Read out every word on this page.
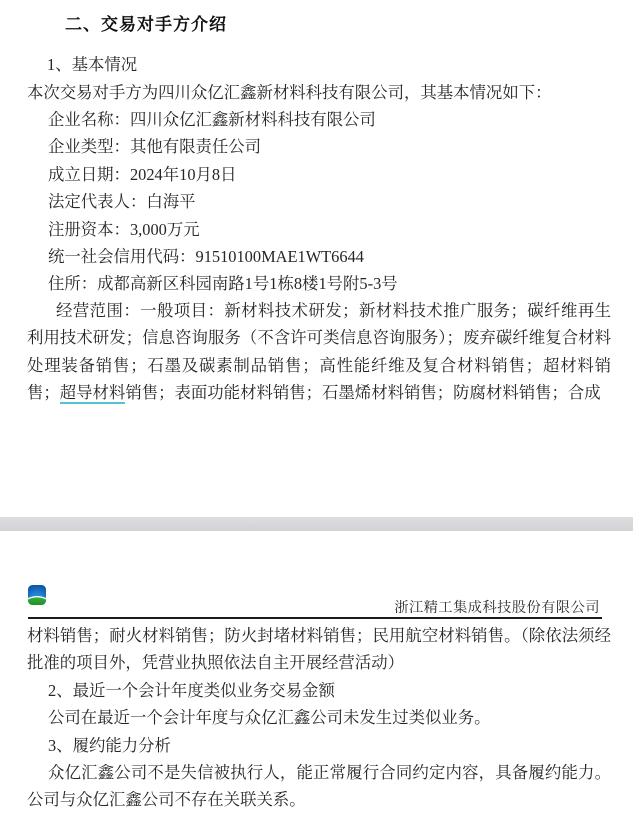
二、交易对手方介绍
1、基本情况

本次交易对手方为四川众亿汇鑫新材料科技有限公司，其基本情况如下：

企业名称：四川众亿汇鑫新材料科技有限公司
企业类型：其他有限责任公司
成立日期：2024年10月8日
法定代表人：白海平
注册资本：3,000万元
统一社会信用代码：91510100MAE1WT6644
住所：成都高新区科园南路1号1栋8楼1号附5-3号

经营范围：一般项目：新材料技术研发；新材料技术推广服务；碳纤维再生利用技术研发；信息咨询服务（不含许可类信息咨询服务）；废弃碳纤维复合材料处理装备销售；石墨及碳素制品销售；高性能纤维及复合材料销售；超材料销售；超导材料销售；表面功能材料销售；石墨烯材料销售；防腐材料销售；合成

浙江精工集成科技股份有限公司

材料销售；耐火材料销售；防火封堵材料销售；民用航空材料销售。（除依法须经批准的项目外，凭营业执照依法自主开展经营活动）

2、最近一个会计年度类似业务交易金额
公司在最近一个会计年度与众亿汇鑫公司未发生过类似业务。
3、履约能力分析

众亿汇鑫公司不是失信被执行人，能正常履行合同约定内容，具备履约能力。公司与众亿汇鑫公司不存在关联关系。
